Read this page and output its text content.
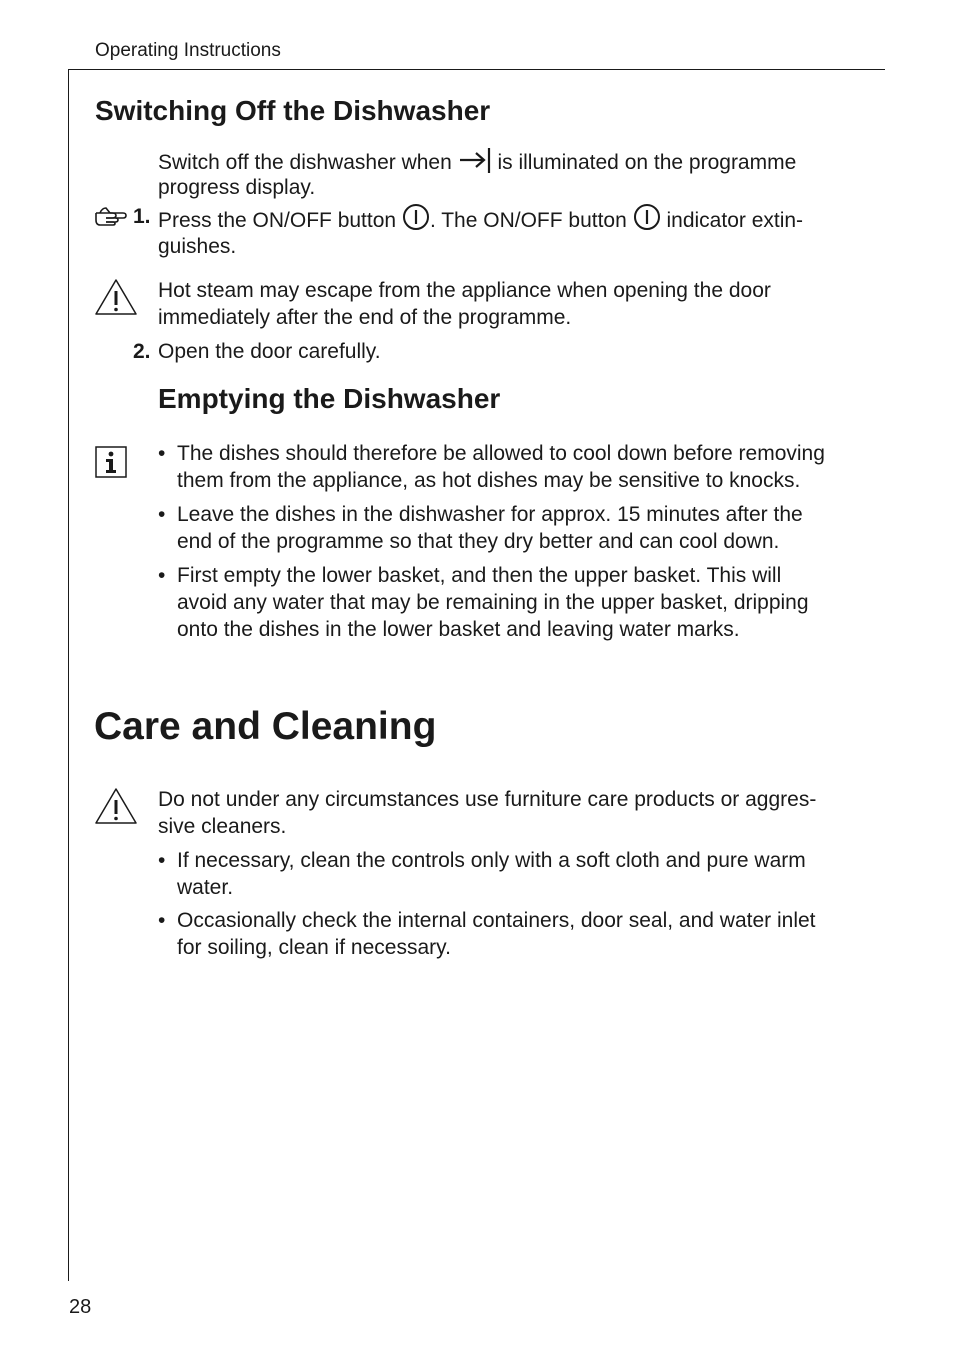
Operating Instructions
28
Switching Off the Dishwasher
Switch off the dishwasher when is illuminated on the programme
progress display.
1. Press the ON/OFF button . The ON/OFF button indicator extin-
guishes.
Hot steam may escape from the appliance when opening the door
immediately after the end of the programme.
2. Open the door carefully.
Emptying the Dishwasher
• The dishes should therefore be allowed to cool down before removing
them from the appliance, as hot dishes may be sensitive to knocks.
• Leave the dishes in the dishwasher for approx. 15 minutes after the
end of the programme so that they dry better and can cool down.
• First empty the lower basket, and then the upper basket. This will
avoid any water that may be remaining in the upper basket, dripping
onto the dishes in the lower basket and leaving water marks.
Care and Cleaning
Do not under any circumstances use furniture care products or aggres-
sive cleaners.
• If necessary, clean the controls only with a soft cloth and pure warm
water.
• Occasionally check the internal containers, door seal, and water inlet
for soiling, clean if necessary.
